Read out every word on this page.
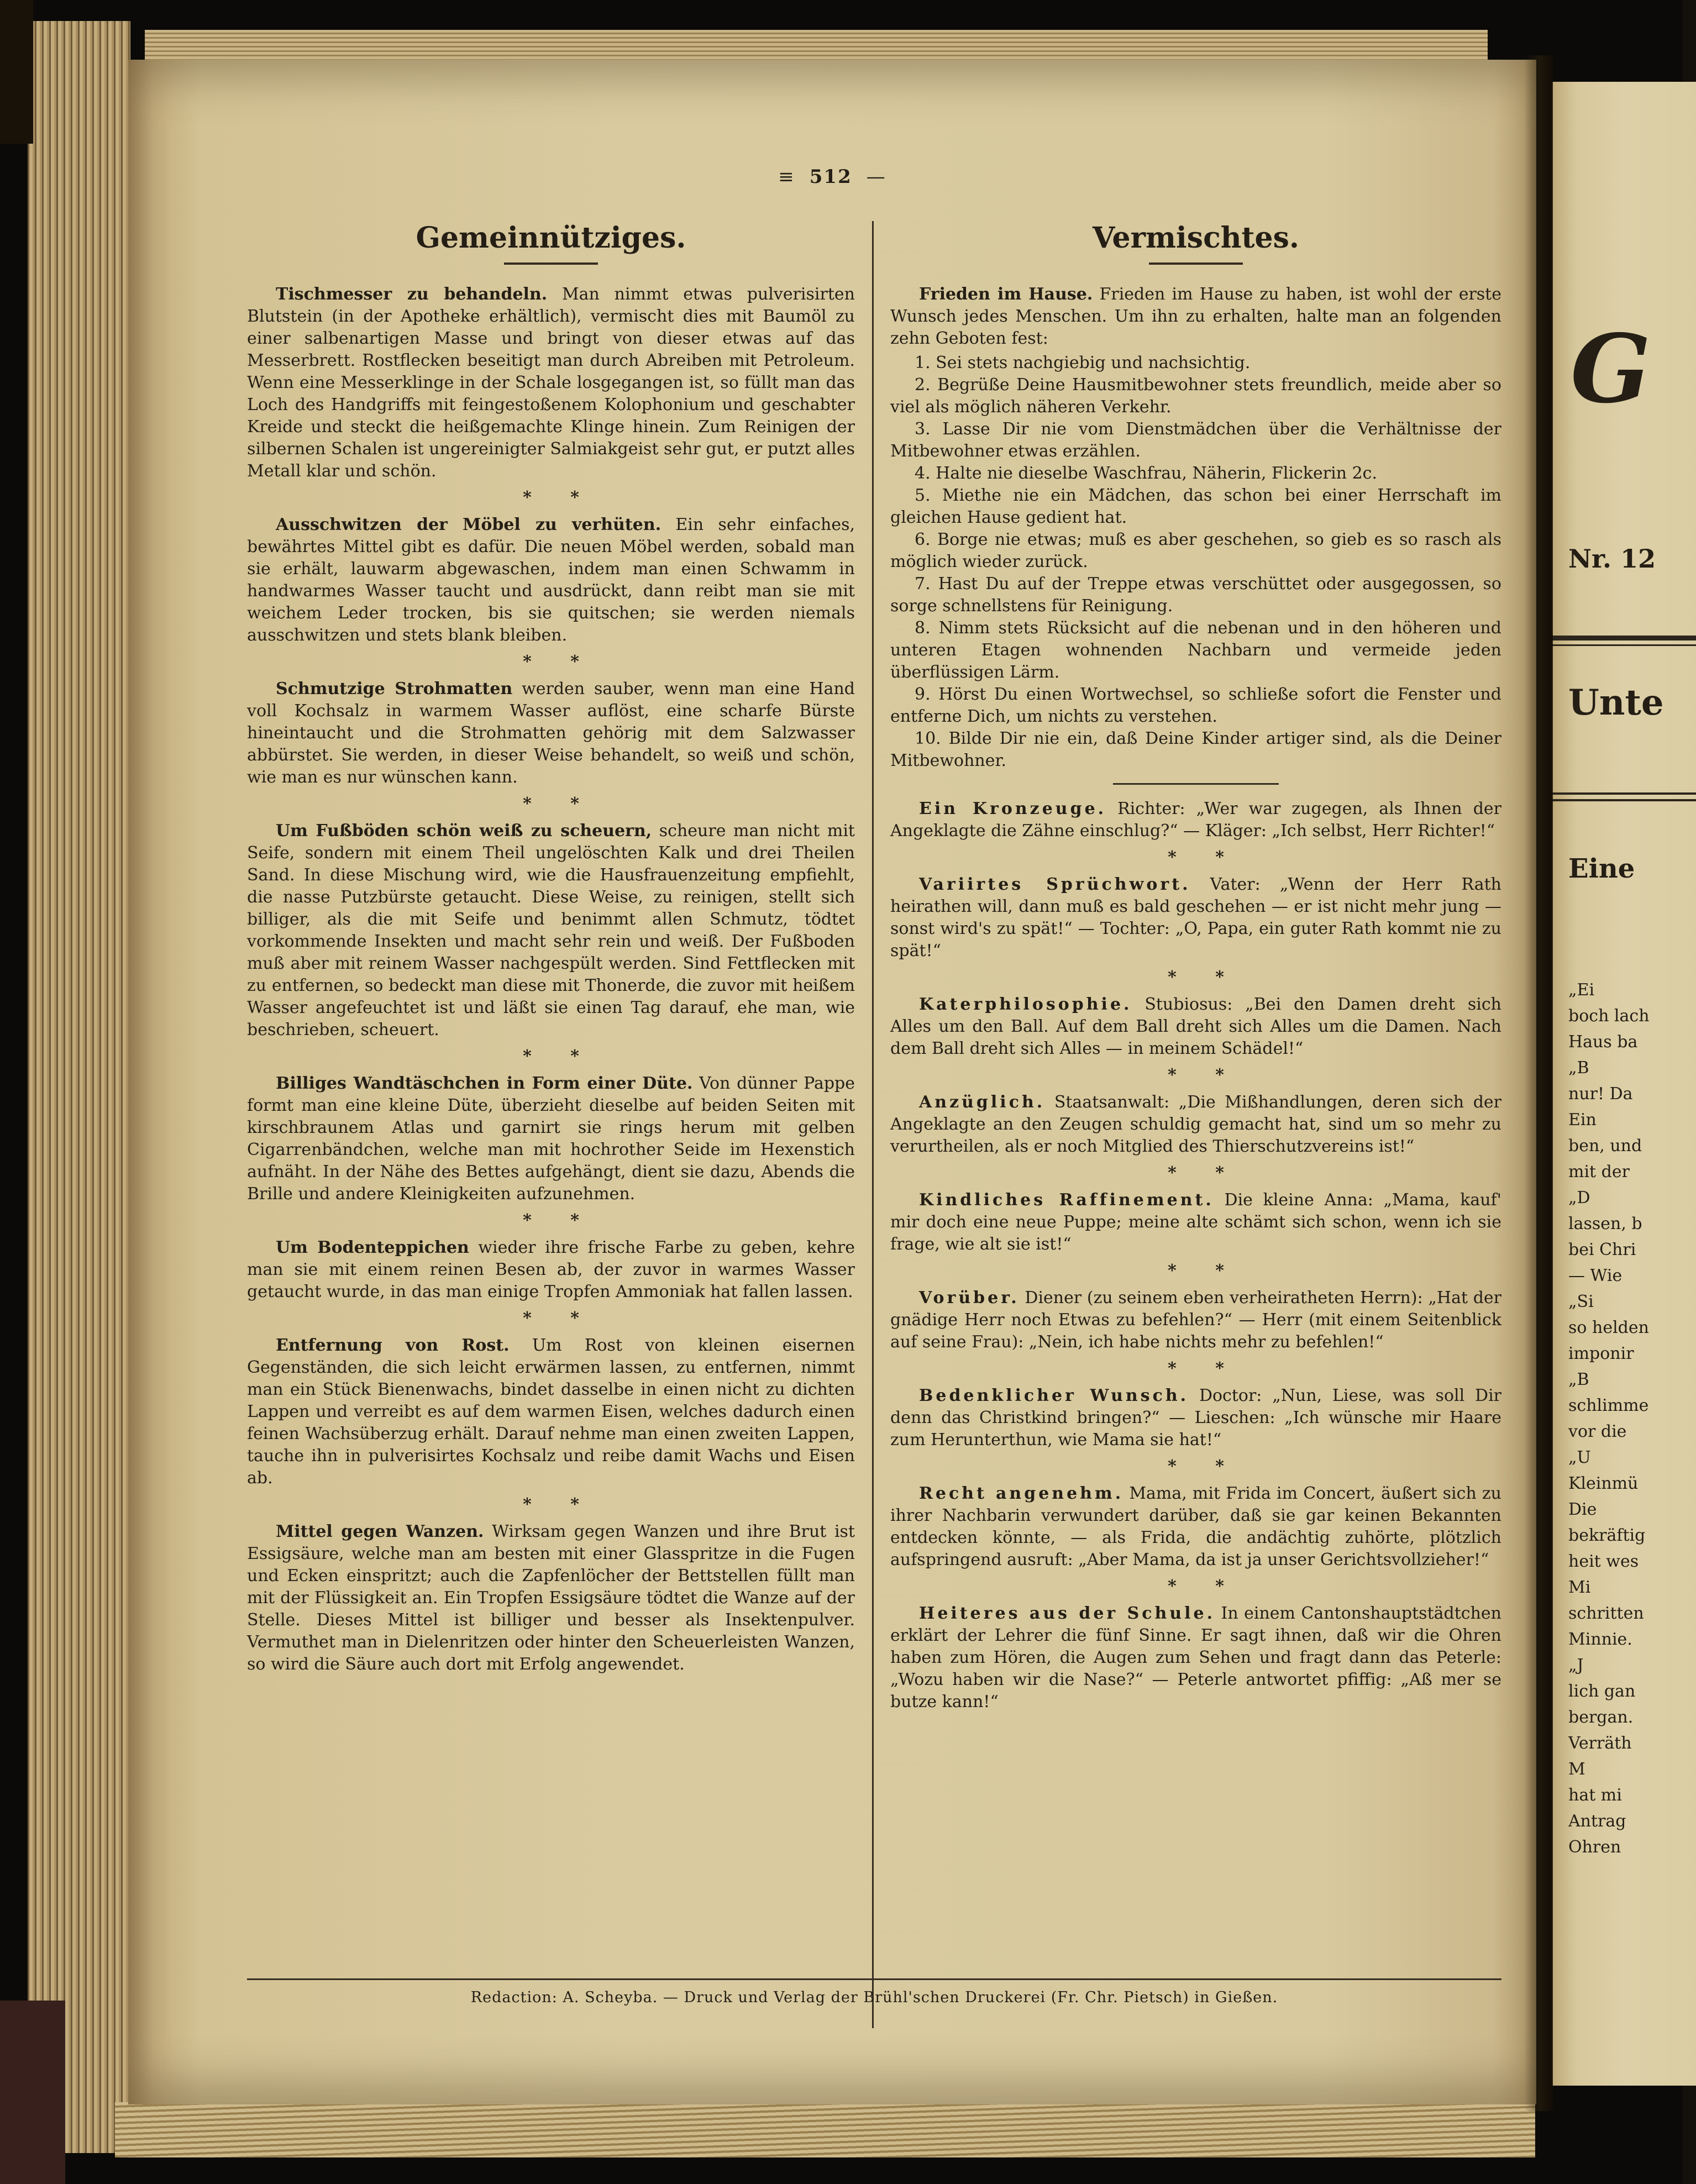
≡ 512 —
Gemeinnütziges.

Tischmesser zu behandeln. Man nimmt etwas pulverisirten Blutstein (in der Apotheke erhältlich), vermischt dies mit Baumöl zu einer salbenartigen Masse und bringt von dieser etwas auf das Messerbrett. Rostflecken beseitigt man durch Abreiben mit Petroleum. Wenn eine Messerklinge in der Schale losgegangen ist, so füllt man das Loch des Handgriffs mit feingestoßenem Kolophonium und geschabter Kreide und steckt die heißgemachte Klinge hinein. Zum Reinigen der silbernen Schalen ist ungereinigter Salmiakgeist sehr gut, er putzt alles Metall klar und schön.

* *

Ausschwitzen der Möbel zu verhüten. Ein sehr einfaches, bewährtes Mittel gibt es dafür. Die neuen Möbel werden, sobald man sie erhält, lauwarm abgewaschen, indem man einen Schwamm in handwarmes Wasser taucht und ausdrückt, dann reibt man sie mit weichem Leder trocken, bis sie quitschen; sie werden niemals ausschwitzen und stets blank bleiben.

* *

Schmutzige Strohmatten werden sauber, wenn man eine Hand voll Kochsalz in warmem Wasser auflöst, eine scharfe Bürste hineintaucht und die Strohmatten gehörig mit dem Salzwasser abbürstet. Sie werden, in dieser Weise behandelt, so weiß und schön, wie man es nur wünschen kann.

* *

Um Fußböden schön weiß zu scheuern, scheure man nicht mit Seife, sondern mit einem Theil ungelöschten Kalk und drei Theilen Sand. In diese Mischung wird, wie die Hausfrauenzeitung empfiehlt, die nasse Putzbürste getaucht. Diese Weise, zu reinigen, stellt sich billiger, als die mit Seife und benimmt allen Schmutz, tödtet vorkommende Insekten und macht sehr rein und weiß. Der Fußboden muß aber mit reinem Wasser nachgespült werden. Sind Fettflecken mit zu entfernen, so bedeckt man diese mit Thonerde, die zuvor mit heißem Wasser angefeuchtet ist und läßt sie einen Tag darauf, ehe man, wie beschrieben, scheuert.

* *

Billiges Wandtäschchen in Form einer Düte. Von dünner Pappe formt man eine kleine Düte, überzieht dieselbe auf beiden Seiten mit kirschbraunem Atlas und garnirt sie rings herum mit gelben Cigarrenbändchen, welche man mit hochrother Seide im Hexenstich aufnäht. In der Nähe des Bettes aufgehängt, dient sie dazu, Abends die Brille und andere Kleinigkeiten aufzunehmen.

* *

Um Bodenteppichen wieder ihre frische Farbe zu geben, kehre man sie mit einem reinen Besen ab, der zuvor in warmes Wasser getaucht wurde, in das man einige Tropfen Ammoniak hat fallen lassen.

* *

Entfernung von Rost. Um Rost von kleinen eisernen Gegenständen, die sich leicht erwärmen lassen, zu entfernen, nimmt man ein Stück Bienenwachs, bindet dasselbe in einen nicht zu dichten Lappen und verreibt es auf dem warmen Eisen, welches dadurch einen feinen Wachsüberzug erhält. Darauf nehme man einen zweiten Lappen, tauche ihn in pulverisirtes Kochsalz und reibe damit Wachs und Eisen ab.

* *

Mittel gegen Wanzen. Wirksam gegen Wanzen und ihre Brut ist Essigsäure, welche man am besten mit einer Glasspritze in die Fugen und Ecken einspritzt; auch die Zapfenlöcher der Bettstellen füllt man mit der Flüssigkeit an. Ein Tropfen Essigsäure tödtet die Wanze auf der Stelle. Dieses Mittel ist billiger und besser als Insektenpulver. Vermuthet man in Dielenritzen oder hinter den Scheuerleisten Wanzen, so wird die Säure auch dort mit Erfolg angewendet.

Vermischtes.

Frieden im Hause. Frieden im Hause zu haben, ist wohl der erste Wunsch jedes Menschen. Um ihn zu erhalten, halte man an folgenden zehn Geboten fest:

1. Sei stets nachgiebig und nachsichtig.
2. Begrüße Deine Hausmitbewohner stets freundlich, meide aber so viel als möglich näheren Verkehr.
3. Lasse Dir nie vom Dienstmädchen über die Verhältnisse der Mitbewohner etwas erzählen.
4. Halte nie dieselbe Waschfrau, Näherin, Flickerin 2c.
5. Miethe nie ein Mädchen, das schon bei einer Herrschaft im gleichen Hause gedient hat.
6. Borge nie etwas; muß es aber geschehen, so gieb es so rasch als möglich wieder zurück.
7. Hast Du auf der Treppe etwas verschüttet oder ausgegossen, so sorge schnellstens für Reinigung.
8. Nimm stets Rücksicht auf die nebenan und in den höheren und unteren Etagen wohnenden Nachbarn und vermeide jeden überflüssigen Lärm.
9. Hörst Du einen Wortwechsel, so schließe sofort die Fenster und entferne Dich, um nichts zu verstehen.
10. Bilde Dir nie ein, daß Deine Kinder artiger sind, als die Deiner Mitbewohner.

Ein Kronzeuge. Richter: „Wer war zugegen, als Ihnen der Angeklagte die Zähne einschlug?“ — Kläger: „Ich selbst, Herr Richter!“

* *

Variirtes Sprüchwort. Vater: „Wenn der Herr Rath heirathen will, dann muß es bald geschehen — er ist nicht mehr jung — sonst wird's zu spät!“ — Tochter: „O, Papa, ein guter Rath kommt nie zu spät!“

* *

Katerphilosophie. Stubiosus: „Bei den Damen dreht sich Alles um den Ball. Auf dem Ball dreht sich Alles um die Damen. Nach dem Ball dreht sich Alles — in meinem Schädel!“

* *

Anzüglich. Staatsanwalt: „Die Mißhandlungen, deren sich der Angeklagte an den Zeugen schuldig gemacht hat, sind um so mehr zu verurtheilen, als er noch Mitglied des Thierschutzvereins ist!“

* *

Kindliches Raffinement. Die kleine Anna: „Mama, kauf' mir doch eine neue Puppe; meine alte schämt sich schon, wenn ich sie frage, wie alt sie ist!“

* *

Vorüber. Diener (zu seinem eben verheiratheten Herrn): „Hat der gnädige Herr noch Etwas zu befehlen?“ — Herr (mit einem Seitenblick auf seine Frau): „Nein, ich habe nichts mehr zu befehlen!“

* *

Bedenklicher Wunsch. Doctor: „Nun, Liese, was soll Dir denn das Christkind bringen?“ — Lieschen: „Ich wünsche mir Haare zum Herunterthun, wie Mama sie hat!“

* *

Recht angenehm. Mama, mit Frida im Concert, äußert sich zu ihrer Nachbarin verwundert darüber, daß sie gar keinen Bekannten entdecken könnte, — als Frida, die andächtig zuhörte, plötzlich aufspringend ausruft: „Aber Mama, da ist ja unser Gerichtsvollzieher!“

* *

Heiteres aus der Schule. In einem Cantonshauptstädtchen erklärt der Lehrer die fünf Sinne. Er sagt ihnen, daß wir die Ohren haben zum Hören, die Augen zum Sehen und fragt dann das Peterle: „Wozu haben wir die Nase?“ — Peterle antwortet pfiffig: „Aß mer se butze kann!“

Redaction: A. Scheyba. — Druck und Verlag der Brühl'schen Druckerei (Fr. Chr. Pietsch) in Gießen.
G
Nr. 12
Unte
Eine
„Ei
boch lach
Haus ba
„B
nur! Da
Ein
ben, und
mit der
„D
lassen, b
bei Chri
— Wie
„Si
so helden
imponir
„B
schlimme
vor die
„U
Kleinmü
Die
bekräftig
heit wes
Mi
schritten
Minnie.
„J
lich gan
bergan.
Verräth
M
hat mi
Antrag
Ohren
